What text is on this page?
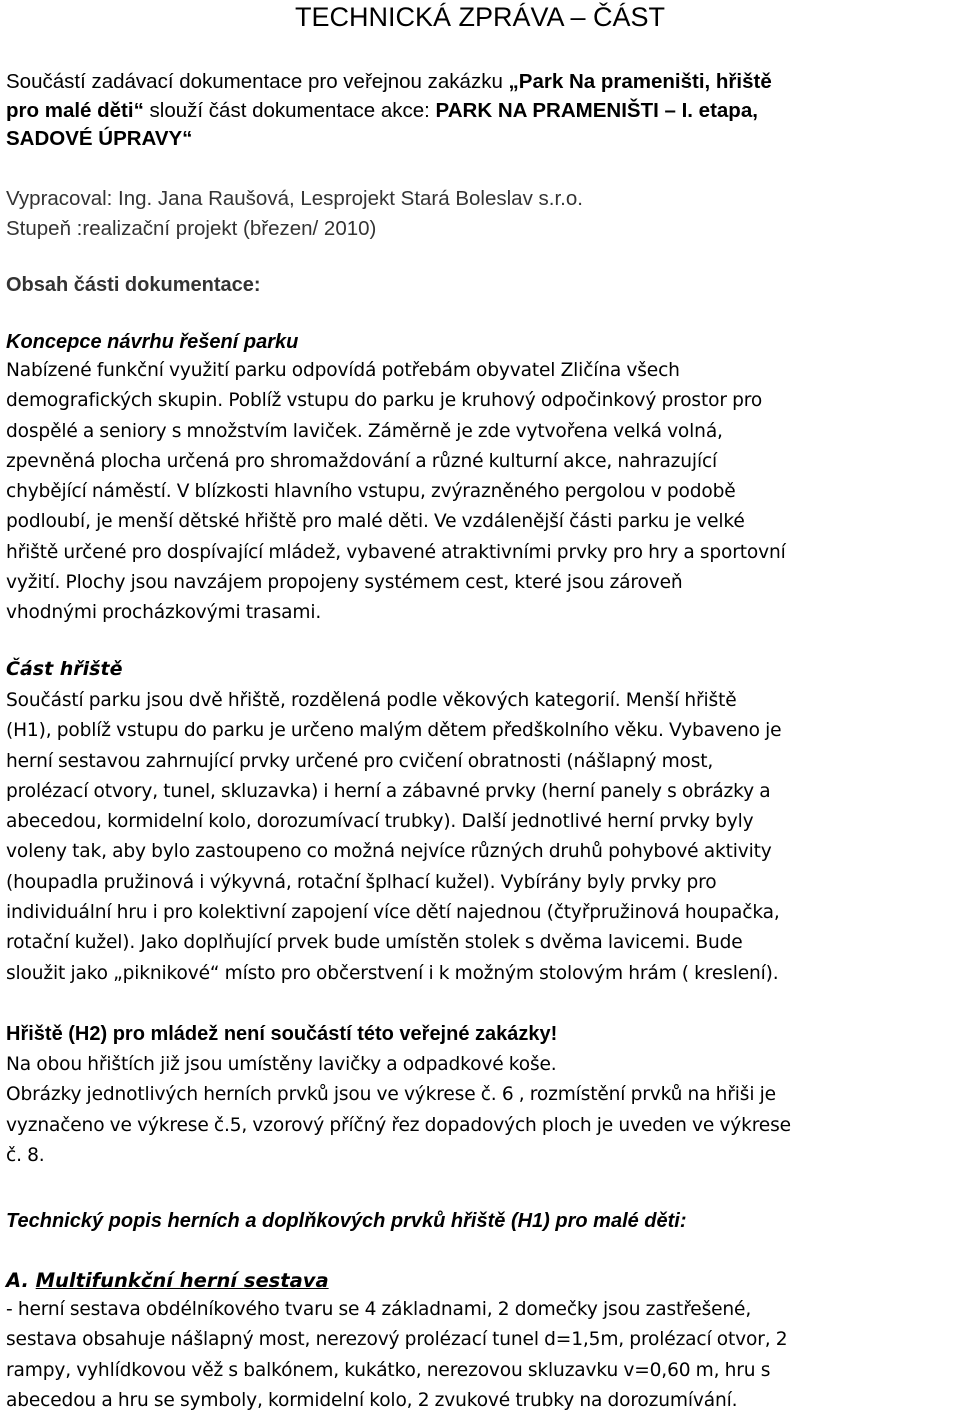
TECHNICKÁ ZPRÁVA – ČÁST
Součástí zadávací dokumentace pro veřejnou zakázku „Park Na prameništi, hřiště
pro malé děti“ slouží část dokumentace akce: PARK NA PRAMENIŠTI – I. etapa,
SADOVÉ ÚPRAVY“
Vypracoval: Ing. Jana Raušová, Lesprojekt Stará Boleslav s.r.o.
Stupeň :realizační projekt (březen/ 2010)
Obsah části dokumentace:
Koncepce návrhu řešení parku
Nabízené funkční využití parku odpovídá potřebám obyvatel Zličína všech
demografických skupin. Poblíž vstupu do parku je kruhový odpočinkový prostor pro
dospělé a seniory s množstvím laviček. Záměrně je zde vytvořena velká volná,
zpevněná plocha určená pro shromaždování a různé kulturní akce, nahrazující
chybějící náměstí. V blízkosti hlavního vstupu, zvýrazněného pergolou v podobě
podloubí, je menší dětské hřiště pro malé děti. Ve vzdálenější části parku je velké
hřiště určené pro dospívající mládež, vybavené atraktivními prvky pro hry a sportovní
vyžití. Plochy jsou navzájem propojeny systémem cest, které jsou zároveň
vhodnými procházkovými trasami.
Část hřiště
Součástí parku jsou dvě hřiště, rozdělená podle věkových kategorií. Menší hřiště
(H1), poblíž vstupu do parku je určeno malým dětem předškolního věku. Vybaveno je
herní sestavou zahrnující prvky určené pro cvičení obratnosti (nášlapný most,
prolézací otvory, tunel, skluzavka) i herní a zábavné prvky (herní panely s obrázky a
abecedou, kormidelní kolo, dorozumívací trubky). Další jednotlivé herní prvky byly
voleny tak, aby bylo zastoupeno co možná nejvíce různých druhů pohybové aktivity
(houpadla pružinová i výkyvná, rotační šplhací kužel). Vybírány byly prvky pro
individuální hru i pro kolektivní zapojení více dětí najednou (čtyřpružinová houpačka,
rotační kužel). Jako doplňující prvek bude umístěn stolek s dvěma lavicemi. Bude
sloužit jako „piknikové“ místo pro občerstvení i k možným stolovým hrám ( kreslení).
Hřiště (H2) pro mládež není součástí této veřejné zakázky!
Na obou hřištích již jsou umístěny lavičky a odpadkové koše.
Obrázky jednotlivých herních prvků jsou ve výkrese č. 6 , rozmístění prvků na hřiši je
vyznačeno ve výkrese č.5, vzorový příčný řez dopadových ploch je uveden ve výkrese
č. 8.
Technický popis herních a doplňkových prvků hřiště (H1) pro malé děti:
A. Multifunkční herní sestava
- herní sestava obdélníkového tvaru se 4 základnami, 2 domečky jsou zastřešené,
sestava obsahuje nášlapný most, nerezový prolézací tunel d=1,5m, prolézací otvor, 2
rampy, vyhlídkovou věž s balkónem, kukátko, nerezovou skluzavku v=0,60 m, hru s
abecedou a hru se symboly, kormidelní kolo, 2 zvukové trubky na dorozumívání.
